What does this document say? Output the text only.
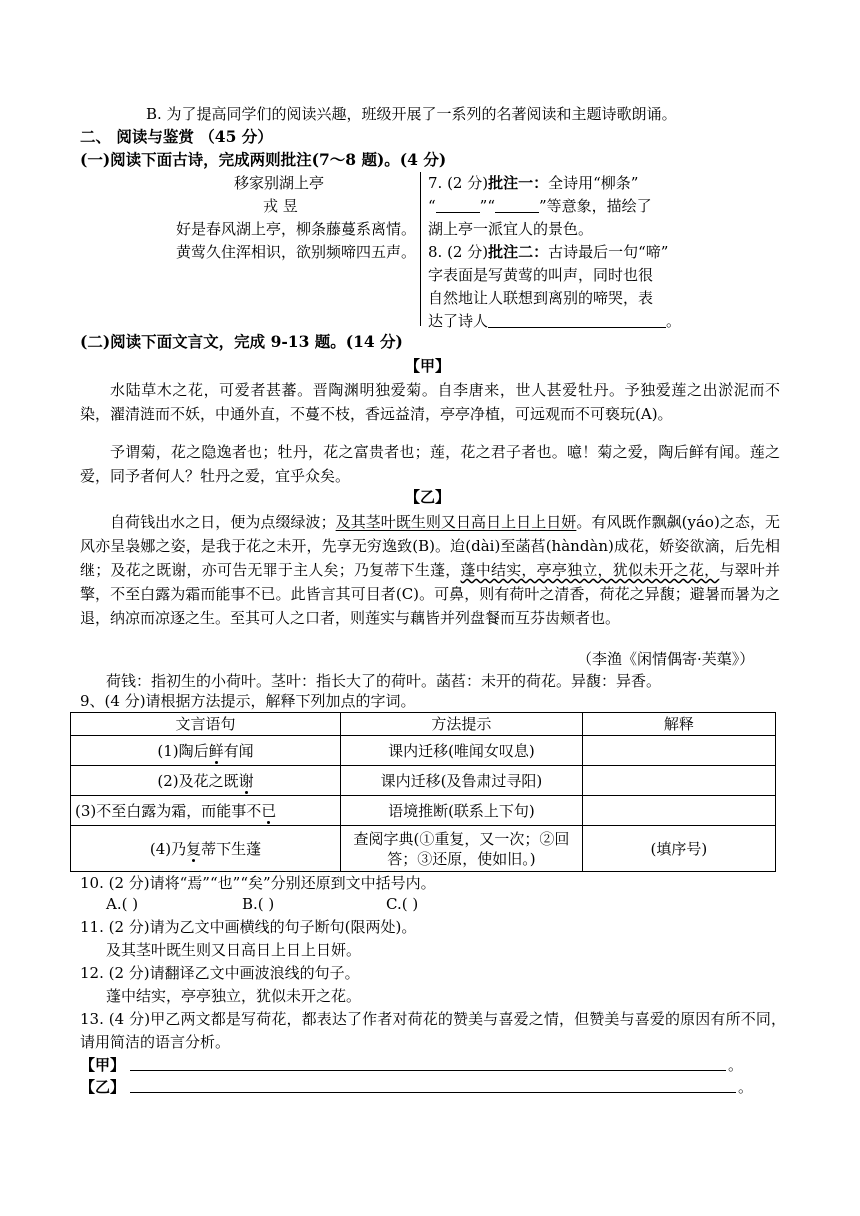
B. 为了提高同学们的阅读兴趣，班级开展了一系列的名著阅读和主题诗歌朗诵。
二、 阅读与鉴赏 （45 分）
(一)阅读下面古诗，完成两则批注(7～8 题)。(4 分)
移家别湖上亭
戎 昱
好是春风湖上亭，柳条藤蔓系离情。
黄莺久住浑相识，欲别频啼四五声。
7. (2 分)批注一：全诗用“柳条”
“	”“	”等意象，描绘了
湖上亭一派宜人的景色。
8. (2 分)批注二：古诗最后一句“啼”
字表面是写黄莺的叫声，同时也很
自然地让人联想到离别的啼哭，表
达了诗人	。
(二)阅读下面文言文，完成 9-13 题。(14 分)
【甲】
水陆草木之花，可爱者甚蕃。晋陶渊明独爱菊。自李唐来，世人甚爱牡丹。予独爱莲之出淤泥而不染，濯清涟而不妖，中通外直，不蔓不枝，香远益清，亭亭净植，可远观而不可亵玩(A)。
予谓菊，花之隐逸者也；牡丹，花之富贵者也；莲，花之君子者也。噫！菊之爱，陶后鲜有闻。莲之爱，同予者何人？牡丹之爱，宜乎众矣。
【乙】
自荷钱出水之日，便为点缀绿波；及其茎叶既生则又日高日上日上日妍。有风既作飘飙(yáo)之态，无风亦呈袅娜之姿，是我于花之未开，先享无穷逸致(B)。迨(dài)至菡萏(hàndàn)成花，娇姿欲滴，后先相继；及花之既谢，亦可告无罪于主人矣；乃复蒂下生蓬，蓬中结实，亭亭独立，犹似未开之花，与翠叶并擎，不至白露为霜而能事不已。此皆言其可目者(C)。可鼻，则有荷叶之清香，荷花之异馥；避暑而暑为之退，纳凉而凉逐之生。至其可人之口者，则莲实与藕皆并列盘餐而互芬齿颊者也。
（李渔《闲情偶寄·芙蕖》）
荷钱：指初生的小荷叶。茎叶：指长大了的荷叶。菡萏：未开的荷花。异馥：异香。
9、(4 分)请根据方法提示，解释下列加点的字词。
文言语句	方法提示	解释
(1)陶后鲜有闻	课内迁移(唯闻女叹息)	
(2)及花之既谢	课内迁移(及鲁肃过寻阳)	
(3)不至白露为霜，而能事不已	语境推断(联系上下句)	
(4)乃复蒂下生蓬	查阅字典(①重复，又一次；②回答；③还原，使如旧。)	(填序号)
10. (2 分)请将“焉”“也”“矣”分别还原到文中括号内。
A.( )	B.( )	C.( )
11. (2 分)请为乙文中画横线的句子断句(限两处)。
及其茎叶既生则又日高日上日上日妍。
12. (2 分)请翻译乙文中画波浪线的句子。
蓬中结实，亭亭独立，犹似未开之花。
13. (4 分)甲乙两文都是写荷花，都表达了作者对荷花的赞美与喜爱之情，但赞美与喜爱的原因有所不同，请用简洁的语言分析。
【甲】	。
【乙】	。
